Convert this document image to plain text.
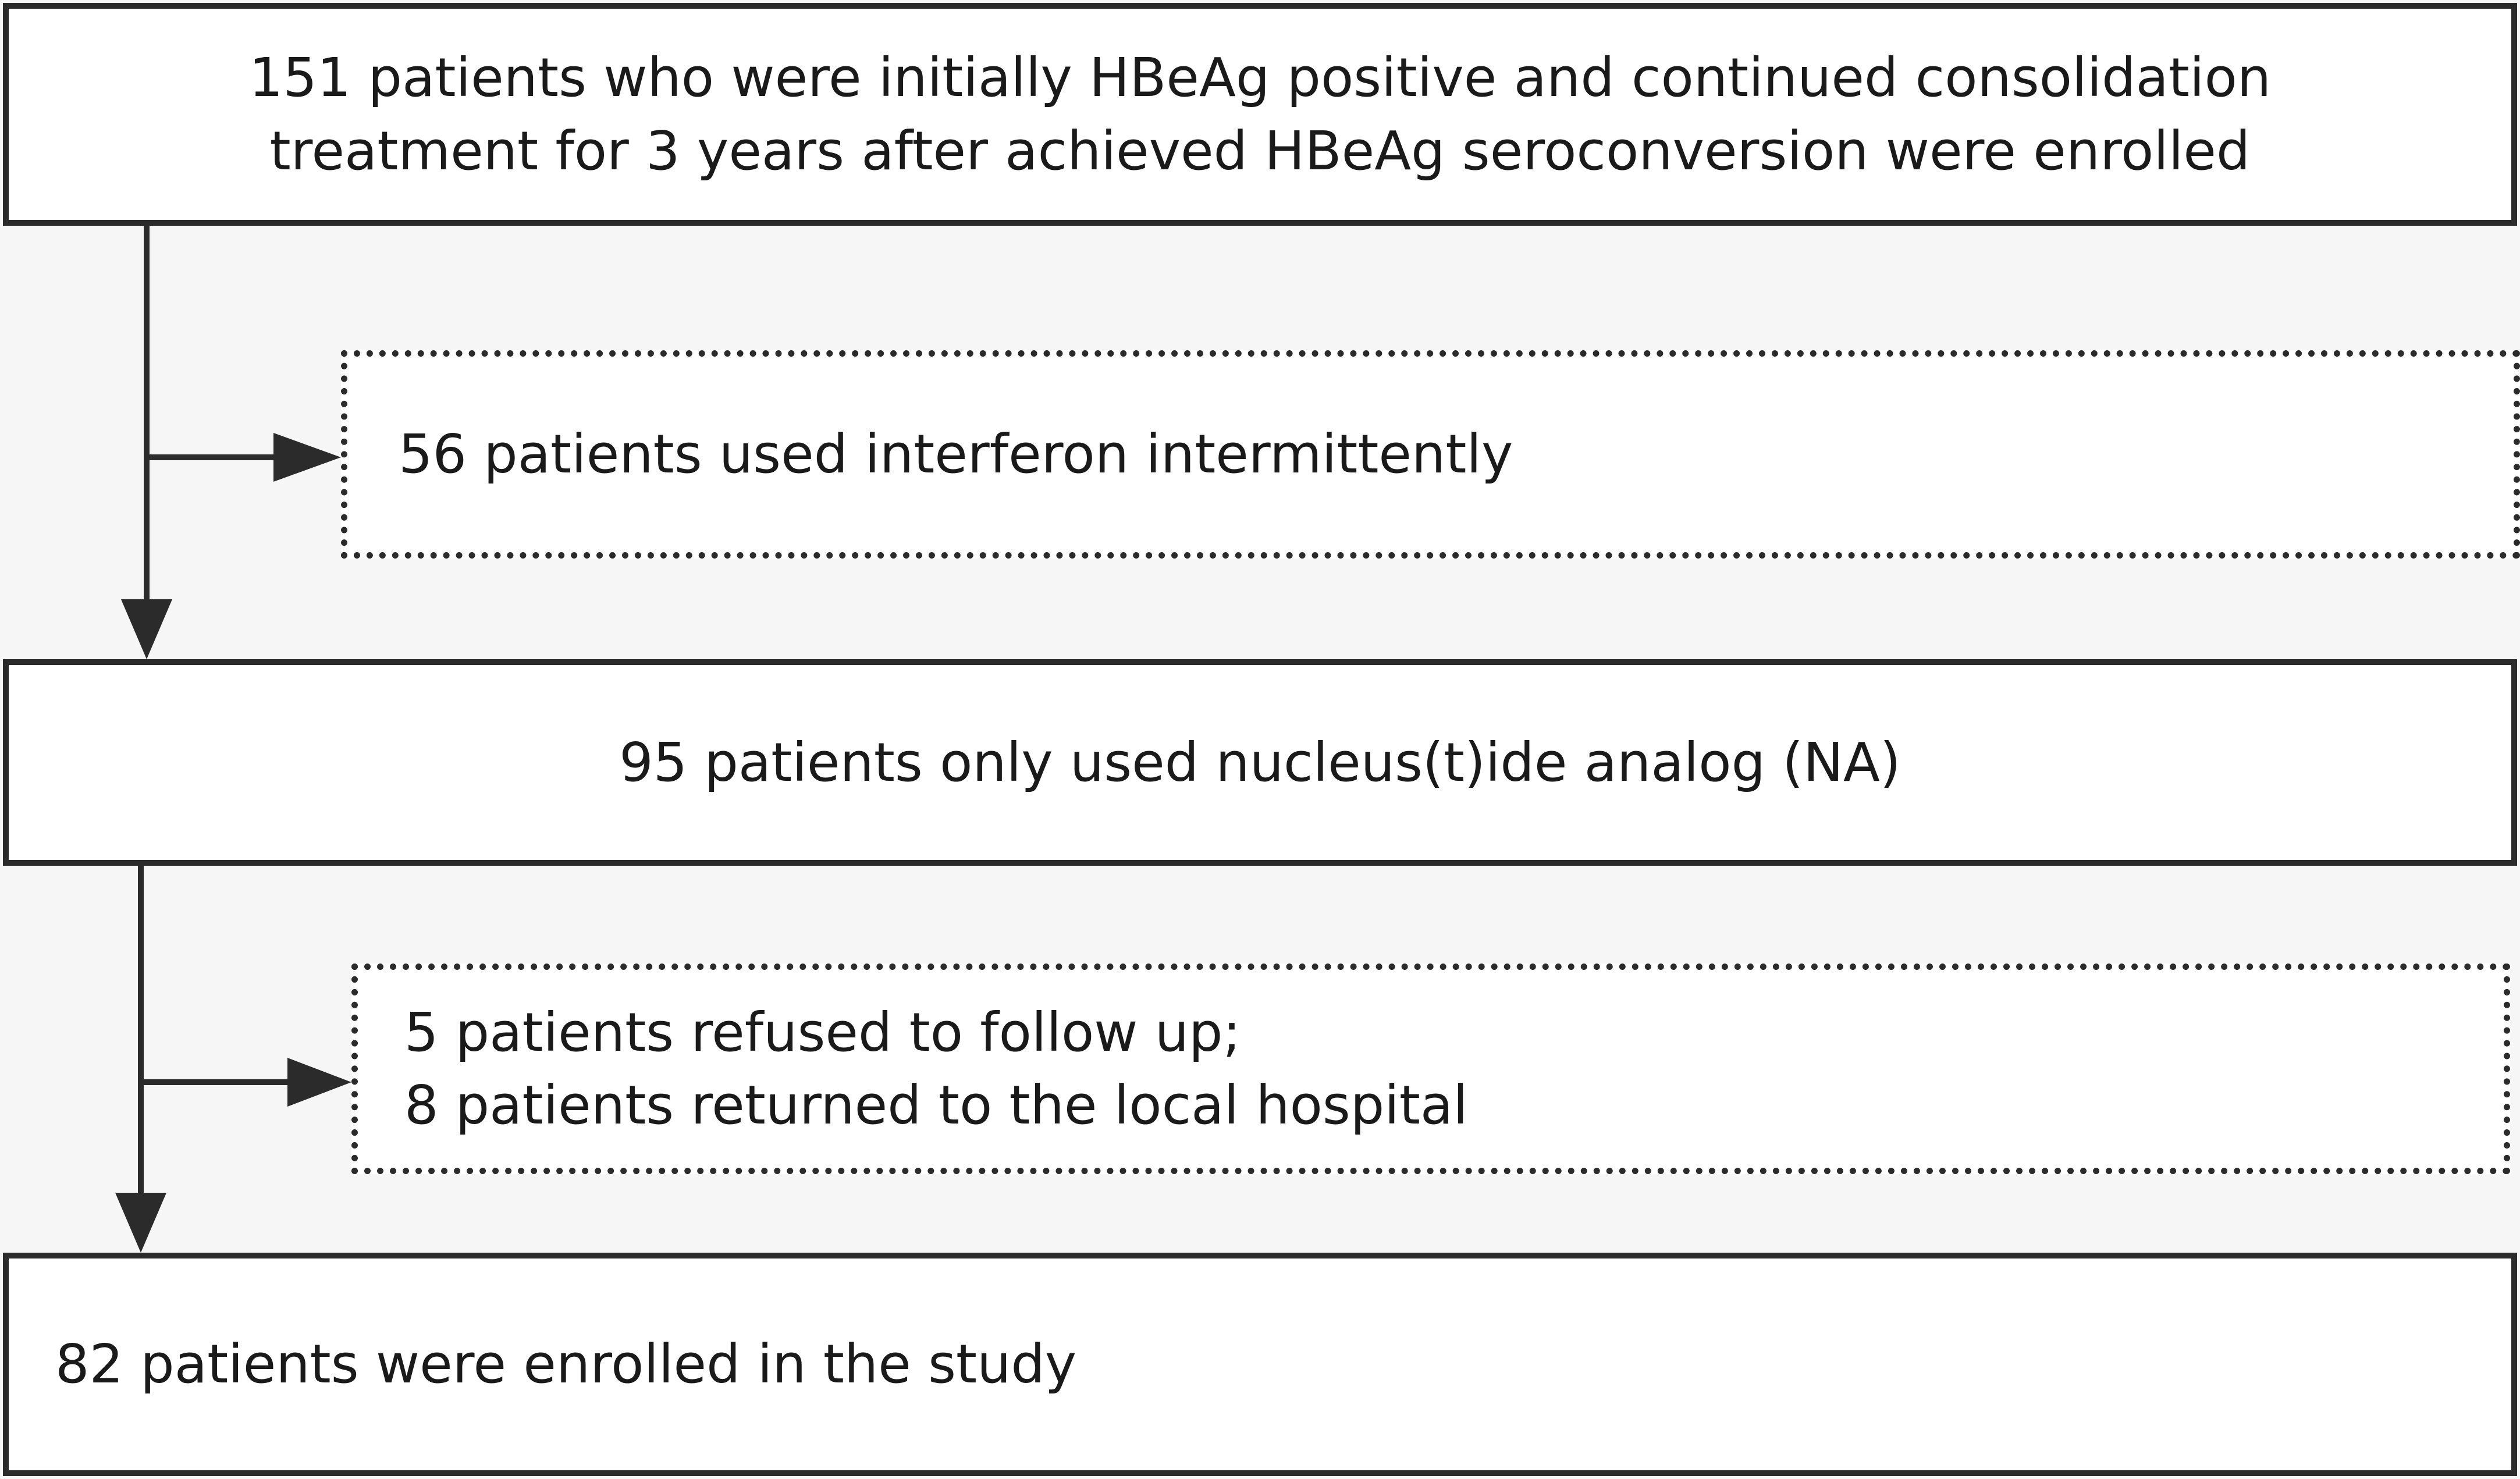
151 patients who were initially HBeAg positive and continued consolidation
treatment for 3 years after achieved HBeAg seroconversion were enrolled
56 patients used interferon intermittently
95 patients only used nucleus(t)ide analog (NA)
5 patients refused to follow up;
8 patients returned to the local hospital
82 patients were enrolled in the study
